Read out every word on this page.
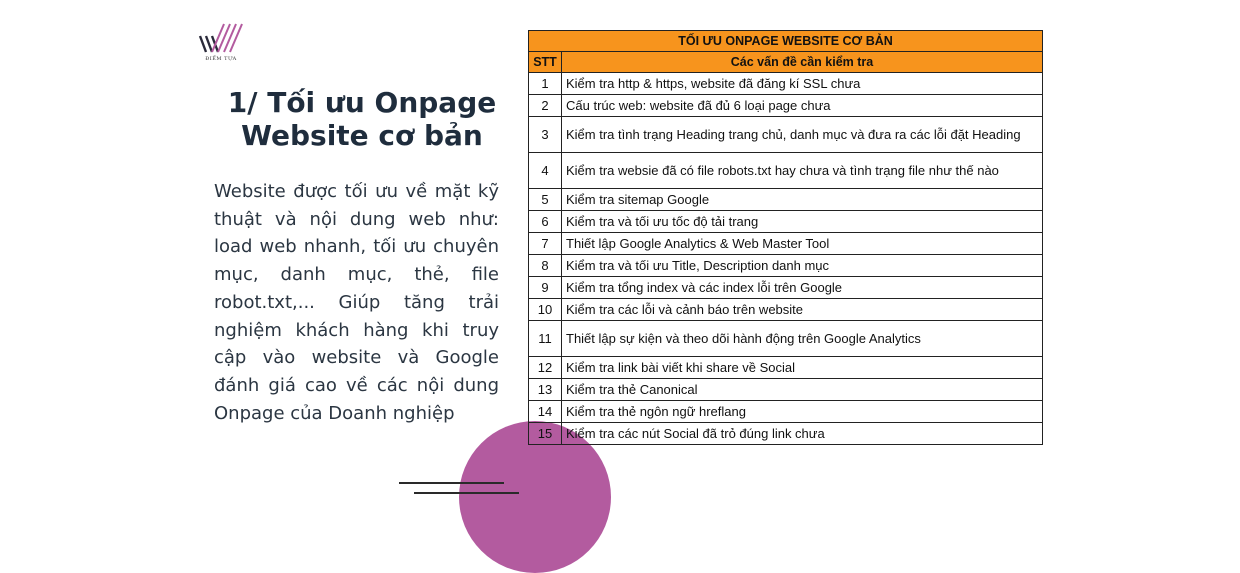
ĐIỂM TỰA
1/ Tối ưu Onpage
Website cơ bản
Website được tối ưu về mặt kỹ thuật và nội dung web như: load web nhanh, tối ưu chuyên mục, danh mục, thẻ, file robot.txt,... Giúp tăng trải nghiệm khách hàng khi truy cập vào website và Google đánh giá cao về các nội dung Onpage của Doanh nghiệp
TỐI ƯU ONPAGE WEBSITE CƠ BẢN	
STT	Các vấn đề cần kiểm tra
1	Kiểm tra http & https, website đã đăng kí SSL chưa
2	Cấu trúc web: website đã đủ 6 loại page chưa
3	Kiểm tra tình trạng Heading trang chủ, danh mục và đưa ra các lỗi đặt Heading
4	Kiểm tra websie đã có file robots.txt hay chưa và tình trạng file như thế nào
5	Kiểm tra sitemap Google
6	Kiểm tra và tối ưu tốc độ tải trang
7	Thiết lập Google Analytics & Web Master Tool
8	Kiểm tra và tối ưu Title, Description danh mục
9	Kiểm tra tổng index và các index lỗi trên Google
10	Kiểm tra các lỗi và cảnh báo trên website
11	Thiết lập sự kiện và theo dõi hành động trên Google Analytics
12	Kiểm tra link bài viết khi share về Social
13	Kiểm tra thẻ Canonical
14	Kiểm tra thẻ ngôn ngữ hreflang
15	Kiểm tra các nút Social đã trỏ đúng link chưa
